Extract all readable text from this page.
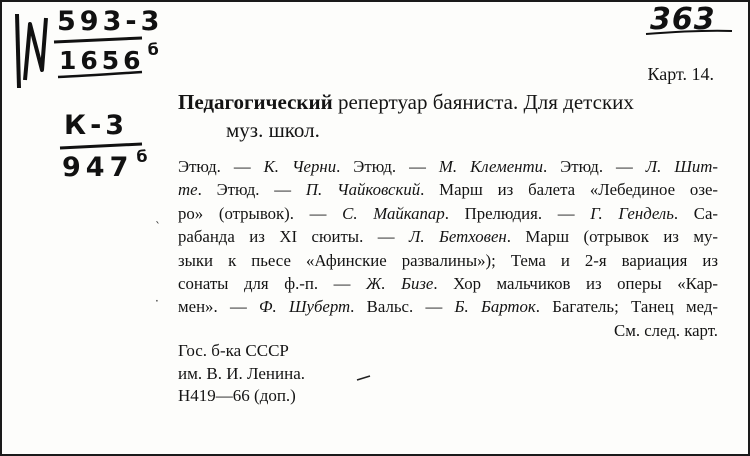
593-3
1656 $^б$
К-3
947 $^б$
363
Карт. 14.
Педагогический репертуар баяниста. Для детских
муз. школ.
Этюд. — К. Черни. Этюд. — М. Клементи. Этюд. — Л. Шит-
те. Этюд. — П. Чайковский. Марш из балета «Лебединое озе-
ро» (отрывок). — С. Майкапар. Прелюдия. — Г. Гендель. Са-
рабанда из XI сюиты. — Л. Бетховен. Марш (отрывок из му-
зыки к пьесе «Афинские развалины»); Тема и 2-я вариация из
сонаты для ф.-п. — Ж. Бизе. Хор мальчиков из оперы «Кар-
мен». — Ф. Шуберт. Вальс. — Б. Барток. Багатель; Танец мед-
См. след. карт.
Гос. б-ка СССР
им. В. И. Ленина.
Н419—66 (доп.)
ˋ
·
